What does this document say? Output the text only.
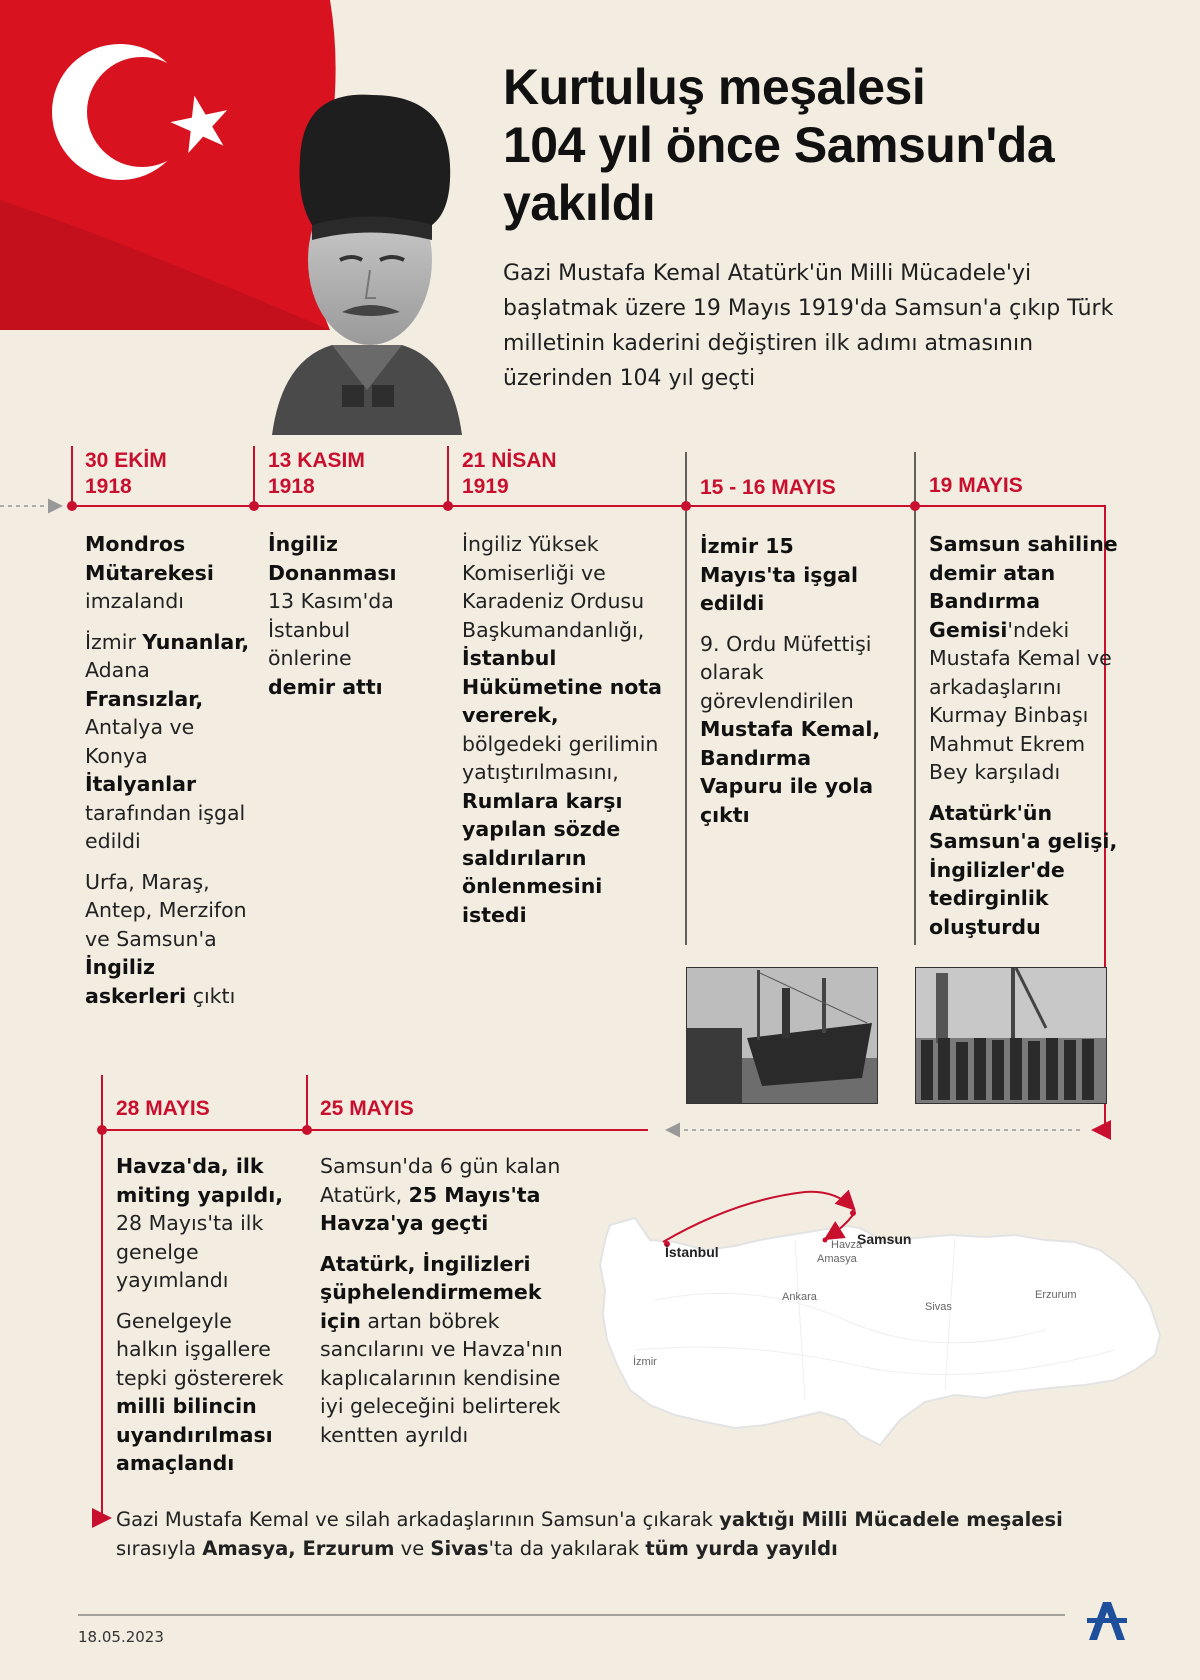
Kurtuluş meşalesi
104 yıl önce Samsun'da
yakıldı

Gazi Mustafa Kemal Atatürk'ün Milli Mücadele'yi başlatmak üzere 19 Mayıs 1919'da Samsun'a çıkıp Türk milletinin kaderini değiştiren ilk adımı atmasının üzerinden 104 yıl geçti

30 EKİM
1918
13 KASIM
1918
21 NİSAN
1919	15 - 16 MAYIS	19 MAYIS

Mondros Mütarekesi imzalandı

İzmir Yunanlar, Adana Fransızlar, Antalya ve Konya İtalyanlar tarafından işgal edildi

Urfa, Maraş, Antep, Merzifon ve Samsun'a İngiliz askerleri çıktı

İngiliz Donanması 13 Kasım'da İstanbul önlerine demir attı

İngiliz Yüksek Komiserliği ve Karadeniz Ordusu Başkumandanlığı, İstanbul Hükümetine nota vererek, bölgedeki gerilimin yatıştırılmasını, Rumlara karşı yapılan sözde saldırıların önlenmesini istedi

İzmir 15 Mayıs'ta işgal edildi

9. Ordu Müfettişi olarak görevlendirilen Mustafa Kemal, Bandırma Vapuru ile yola çıktı

Samsun sahiline demir atan Bandırma Gemisi'ndeki Mustafa Kemal ve arkadaşlarını Kurmay Binbaşı Mahmut Ekrem Bey karşıladı

Atatürk'ün Samsun'a gelişi, İngilizler'de tedirginlik oluşturdu

28 MAYIS	25 MAYIS

Havza'da, ilk miting yapıldı, 28 Mayıs'ta ilk genelge yayımlandı

Genelgeyle halkın işgallere tepki göstererek milli bilincin uyandırılması amaçlandı

Samsun'da 6 gün kalan Atatürk, 25 Mayıs'ta Havza'ya geçti

Atatürk, İngilizleri şüphelendirmemek için artan böbrek sancılarını ve Havza'nın kaplıcalarının kendisine iyi geleceğini belirterek kentten ayrıldı

İstanbul
Samsun
Havza
Amasya
Ankara
Sivas
Erzurum
İzmir
Gazi Mustafa Kemal ve silah arkadaşlarının Samsun'a çıkarak yaktığı Milli Mücadele meşalesi sırasıyla Amasya, Erzurum ve Sivas'ta da yakılarak tüm yurda yayıldı
18.05.2023	AA
